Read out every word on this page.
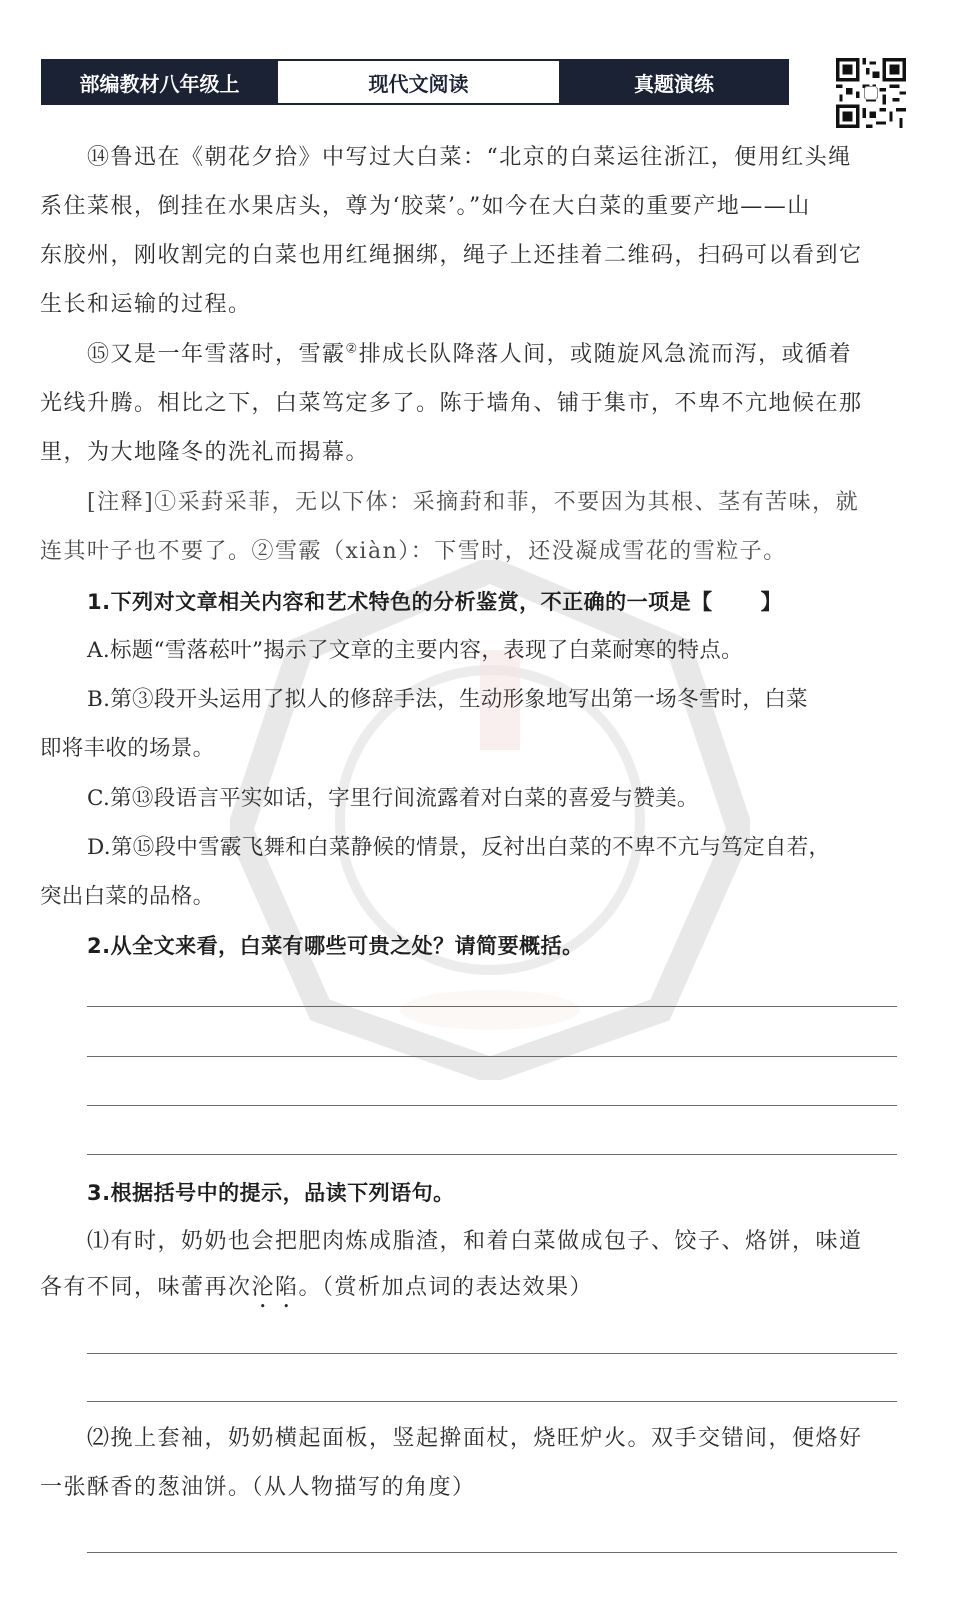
部编教材八年级上	现代文阅读	真题演练
⑭鲁迅在《朝花夕拾》中写过大白菜：“北京的白菜运往浙江，便用红头绳
系住菜根，倒挂在水果店头，尊为‘胶菜’。”如今在大白菜的重要产地——山
东胶州，刚收割完的白菜也用红绳捆绑，绳子上还挂着二维码，扫码可以看到它
生长和运输的过程。
⑮又是一年雪落时，雪霰②排成长队降落人间，或随旋风急流而泻，或循着
光线升腾。相比之下，白菜笃定多了。陈于墙角、铺于集市，不卑不亢地候在那
里，为大地隆冬的洗礼而揭幕。
[注释]①采葑采菲，无以下体：采摘葑和菲，不要因为其根、茎有苦味，就
连其叶子也不要了。②雪霰（xiàn）：下雪时，还没凝成雪花的雪粒子。
1.下列对文章相关内容和艺术特色的分析鉴赏，不正确的一项是【 】
A.标题“雪落菘叶”揭示了文章的主要内容，表现了白菜耐寒的特点。
B.第③段开头运用了拟人的修辞手法，生动形象地写出第一场冬雪时，白菜
即将丰收的场景。
C.第⑬段语言平实如话，字里行间流露着对白菜的喜爱与赞美。
D.第⑮段中雪霰飞舞和白菜静候的情景，反衬出白菜的不卑不亢与笃定自若，
突出白菜的品格。
2.从全文来看，白菜有哪些可贵之处？请简要概括。
3.根据括号中的提示，品读下列语句。
⑴有时，奶奶也会把肥肉炼成脂渣，和着白菜做成包子、饺子、烙饼，味道
各有不同，味蕾再次沦陷。（赏析加点词的表达效果）
⑵挽上套袖，奶奶横起面板，竖起擀面杖，烧旺炉火。双手交错间，便烙好
一张酥香的葱油饼。（从人物描写的角度）
